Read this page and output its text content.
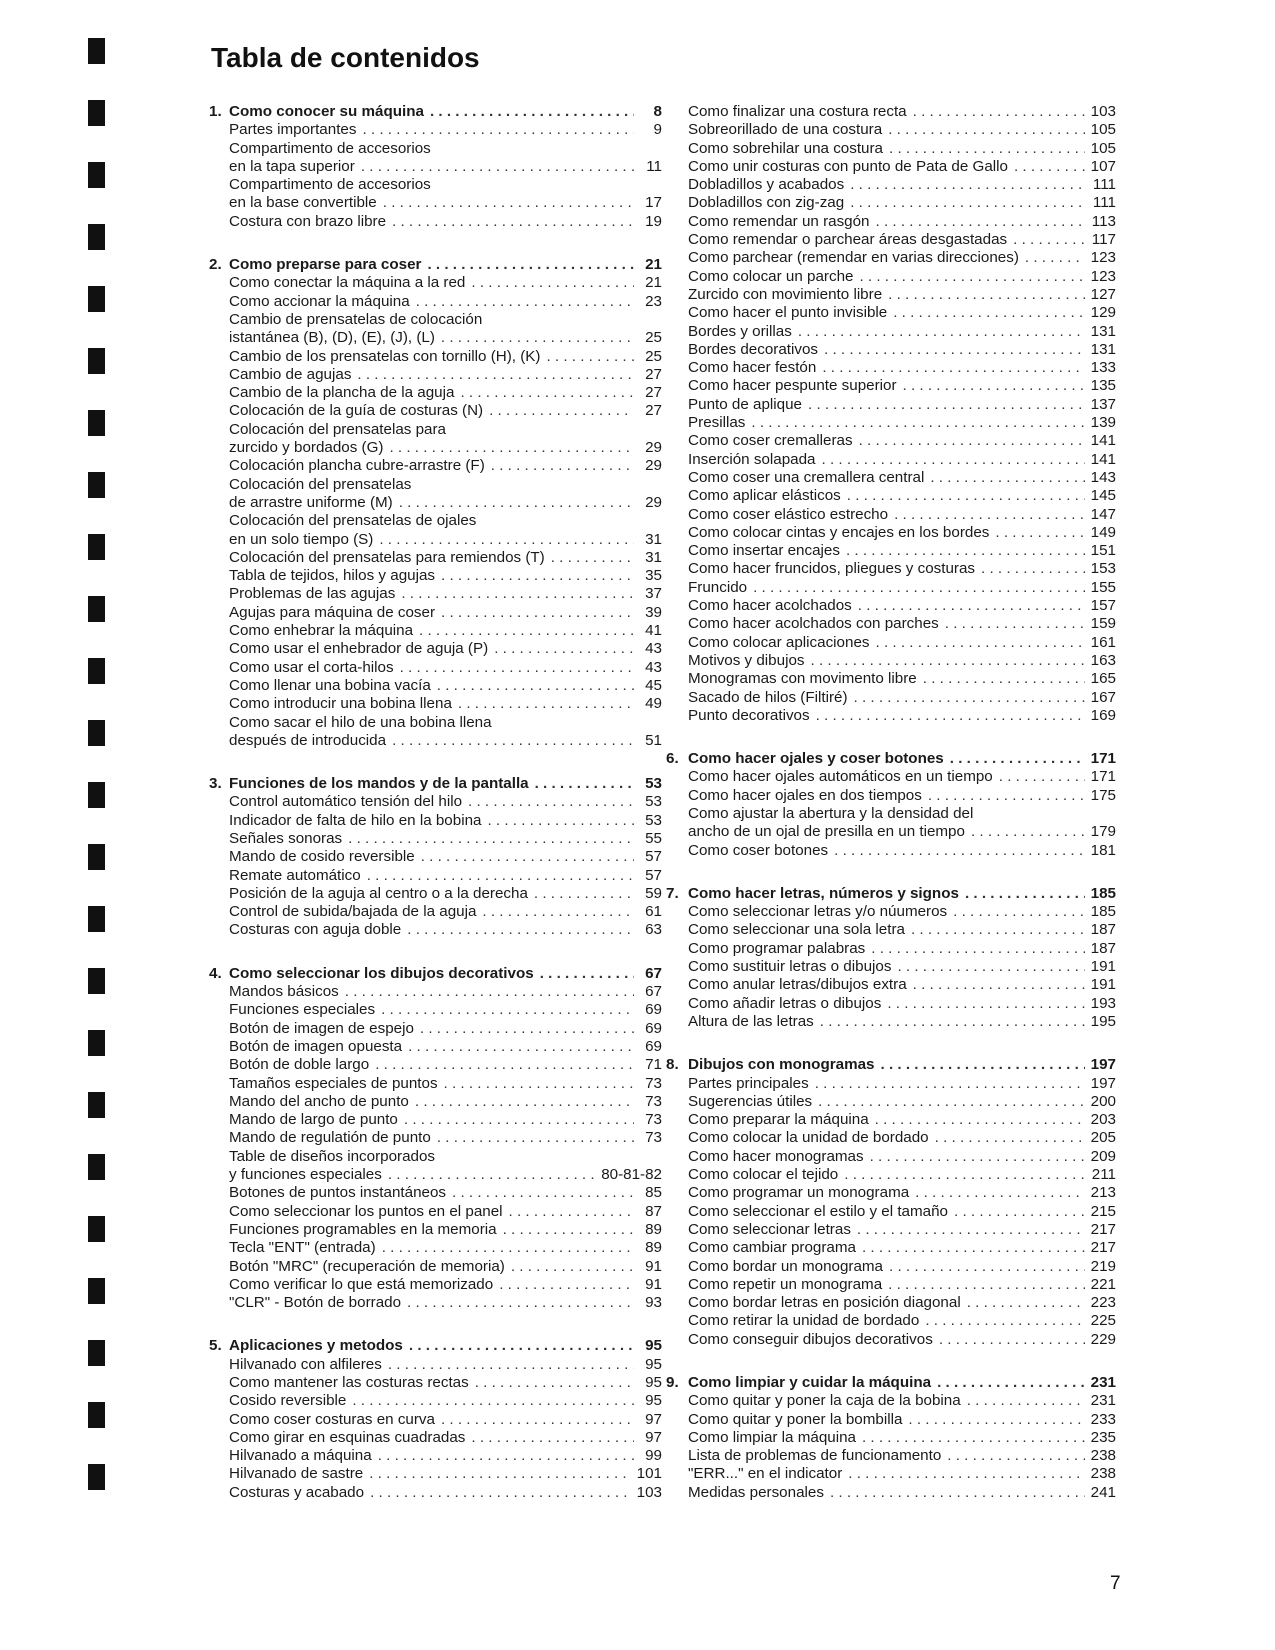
Tabla de contenidos
1. Como conocer su máquina . . .	8
Partes importantes . . .	9
Compartimento de accesorios
en la tapa superior . . .	11
Compartimento de accesorios
en la base convertible . . .	17
Costura con brazo libre . . .	19
2. Como preparse para coser . . .	21
Como conectar la máquina a la red . . .	21
Como accionar la máquina . . .	23
Cambio de prensatelas de colocación
istantánea (B), (D), (E), (J), (L) . . .	25
Cambio de los prensatelas con tornillo (H), (K) . . .	25
Cambio de agujas . . .	27
Cambio de la plancha de la aguja . . .	27
Colocación de la guía de costuras (N) . . .	27
Colocación del prensatelas para
zurcido y bordados (G) . . .	29
Colocación plancha cubre-arrastre (F) . . .	29
Colocación del prensatelas
de arrastre uniforme (M) . . .	29
Colocación del prensatelas de ojales
en un solo tiempo (S) . . .	31
Colocación del prensatelas para remiendos (T) . . .	31
Tabla de tejidos, hilos y agujas . . .	35
Problemas de las agujas . . .	37
Agujas para máquina de coser . . .	39
Como enhebrar la máquina . . .	41
Como usar el enhebrador de aguja (P) . . .	43
Como usar el corta-hilos . . .	43
Como llenar una bobina vacía . . .	45
Como introducir una bobina llena . . .	49
Como sacar el hilo de una bobina llena
después de introducida . . .	51
3. Funciones de los mandos y de la pantalla . . .	53
Control automático tensión del hilo . . .	53
Indicador de falta de hilo en la bobina . . .	53
Señales sonoras . . .	55
Mando de cosido reversible . . .	57
Remate automático . . .	57
Posición de la aguja al centro o a la derecha . . .	59
Control de subida/bajada de la aguja . . .	61
Costuras con aguja doble . . .	63
4. Como seleccionar los dibujos decorativos . . .	67
Mandos básicos . . .	67
Funciones especiales . . .	69
Botón de imagen de espejo . . .	69
Botón de imagen opuesta . . .	69
Botón de doble largo . . .	71
Tamaños especiales de puntos . . .	73
Mando del ancho de punto . . .	73
Mando de largo de punto . . .	73
Mando de regulatión de punto . . .	73
Table de diseños incorporados
y funciones especiales . . .	80-81-82
Botones de puntos instantáneos . . .	85
Como seleccionar los puntos en el panel . . .	87
Funciones programables en la memoria . . .	89
Tecla "ENT" (entrada) . . .	89
Botón "MRC" (recuperación de memoria) . . .	91
Como verificar lo que está memorizado . . .	91
"CLR" - Botón de borrado . . .	93
5. Aplicaciones y metodos . . .	95
Hilvanado con alfileres . . .	95
Como mantener las costuras rectas . . .	95
Cosido reversible . . .	95
Como coser costuras en curva . . .	97
Como girar en esquinas cuadradas . . .	97
Hilvanado a máquina . . .	99
Hilvanado de sastre . . .	101
Costuras y acabado . . .	103
Como finalizar una costura recta . . .	103
Sobreorillado de una costura . . .	105
Como sobrehilar una costura . . .	105
Como unir costuras con punto de Pata de Gallo . . .	107
Dobladillos y acabados . . .	111
Dobladillos con zig-zag . . .	111
Como remendar un rasgón . . .	113
Como remendar o parchear áreas desgastadas . . .	117
Como parchear (remendar en varias direcciones) . . .	123
Como colocar un parche . . .	123
Zurcido con movimiento libre . . .	127
Como hacer el punto invisible . . .	129
Bordes y orillas . . .	131
Bordes decorativos . . .	131
Como hacer festón . . .	133
Como hacer pespunte superior . . .	135
Punto de aplique . . .	137
Presillas . . .	139
Como coser cremalleras . . .	141
Inserción solapada . . .	141
Como coser una cremallera central . . .	143
Como aplicar elásticos . . .	145
Como coser elástico estrecho . . .	147
Como colocar cintas y encajes en los bordes . . .	149
Como insertar encajes . . .	151
Como hacer fruncidos, pliegues y costuras . . .	153
Fruncido . . .	155
Como hacer acolchados . . .	157
Como hacer acolchados con parches . . .	159
Como colocar aplicaciones . . .	161
Motivos y dibujos . . .	163
Monogramas con movimento libre . . .	165
Sacado de hilos (Filtiré) . . .	167
Punto decorativos . . .	169
6. Como hacer ojales y coser botones . . .	171
Como hacer ojales automáticos en un tiempo . . .	171
Como hacer ojales en dos tiempos . . .	175
Como ajustar la abertura y la densidad del
ancho de un ojal de presilla en un tiempo . . .	179
Como coser botones . . .	181
7. Como hacer letras, números y signos . . .	185
Como seleccionar letras y/o núumeros . . .	185
Como seleccionar una sola letra . . .	187
Como programar palabras . . .	187
Como sustituir letras o dibujos . . .	191
Como anular letras/dibujos extra . . .	191
Como añadir letras o dibujos . . .	193
Altura de las letras . . .	195
8. Dibujos con monogramas . . .	197
Partes principales . . .	197
Sugerencias útiles . . .	200
Como preparar la máquina . . .	203
Como colocar la unidad de bordado . . .	205
Como hacer monogramas . . .	209
Como colocar el tejido . . .	211
Como programar un monograma . . .	213
Como seleccionar el estilo y el tamaño . . .	215
Como seleccionar letras . . .	217
Como cambiar programa . . .	217
Como bordar un monograma . . .	219
Como repetir un monograma . . .	221
Como bordar letras en posición diagonal . . .	223
Como retirar la unidad de bordado . . .	225
Como conseguir dibujos decorativos . . .	229
9. Como limpiar y cuidar la máquina . . .	231
Como quitar y poner la caja de la bobina . . .	231
Como quitar y poner la bombilla . . .	233
Como limpiar la máquina . . .	235
Lista de problemas de funcionamento . . .	238
"ERR..." en el indicator . . .	238
Medidas personales . . .	241
7
